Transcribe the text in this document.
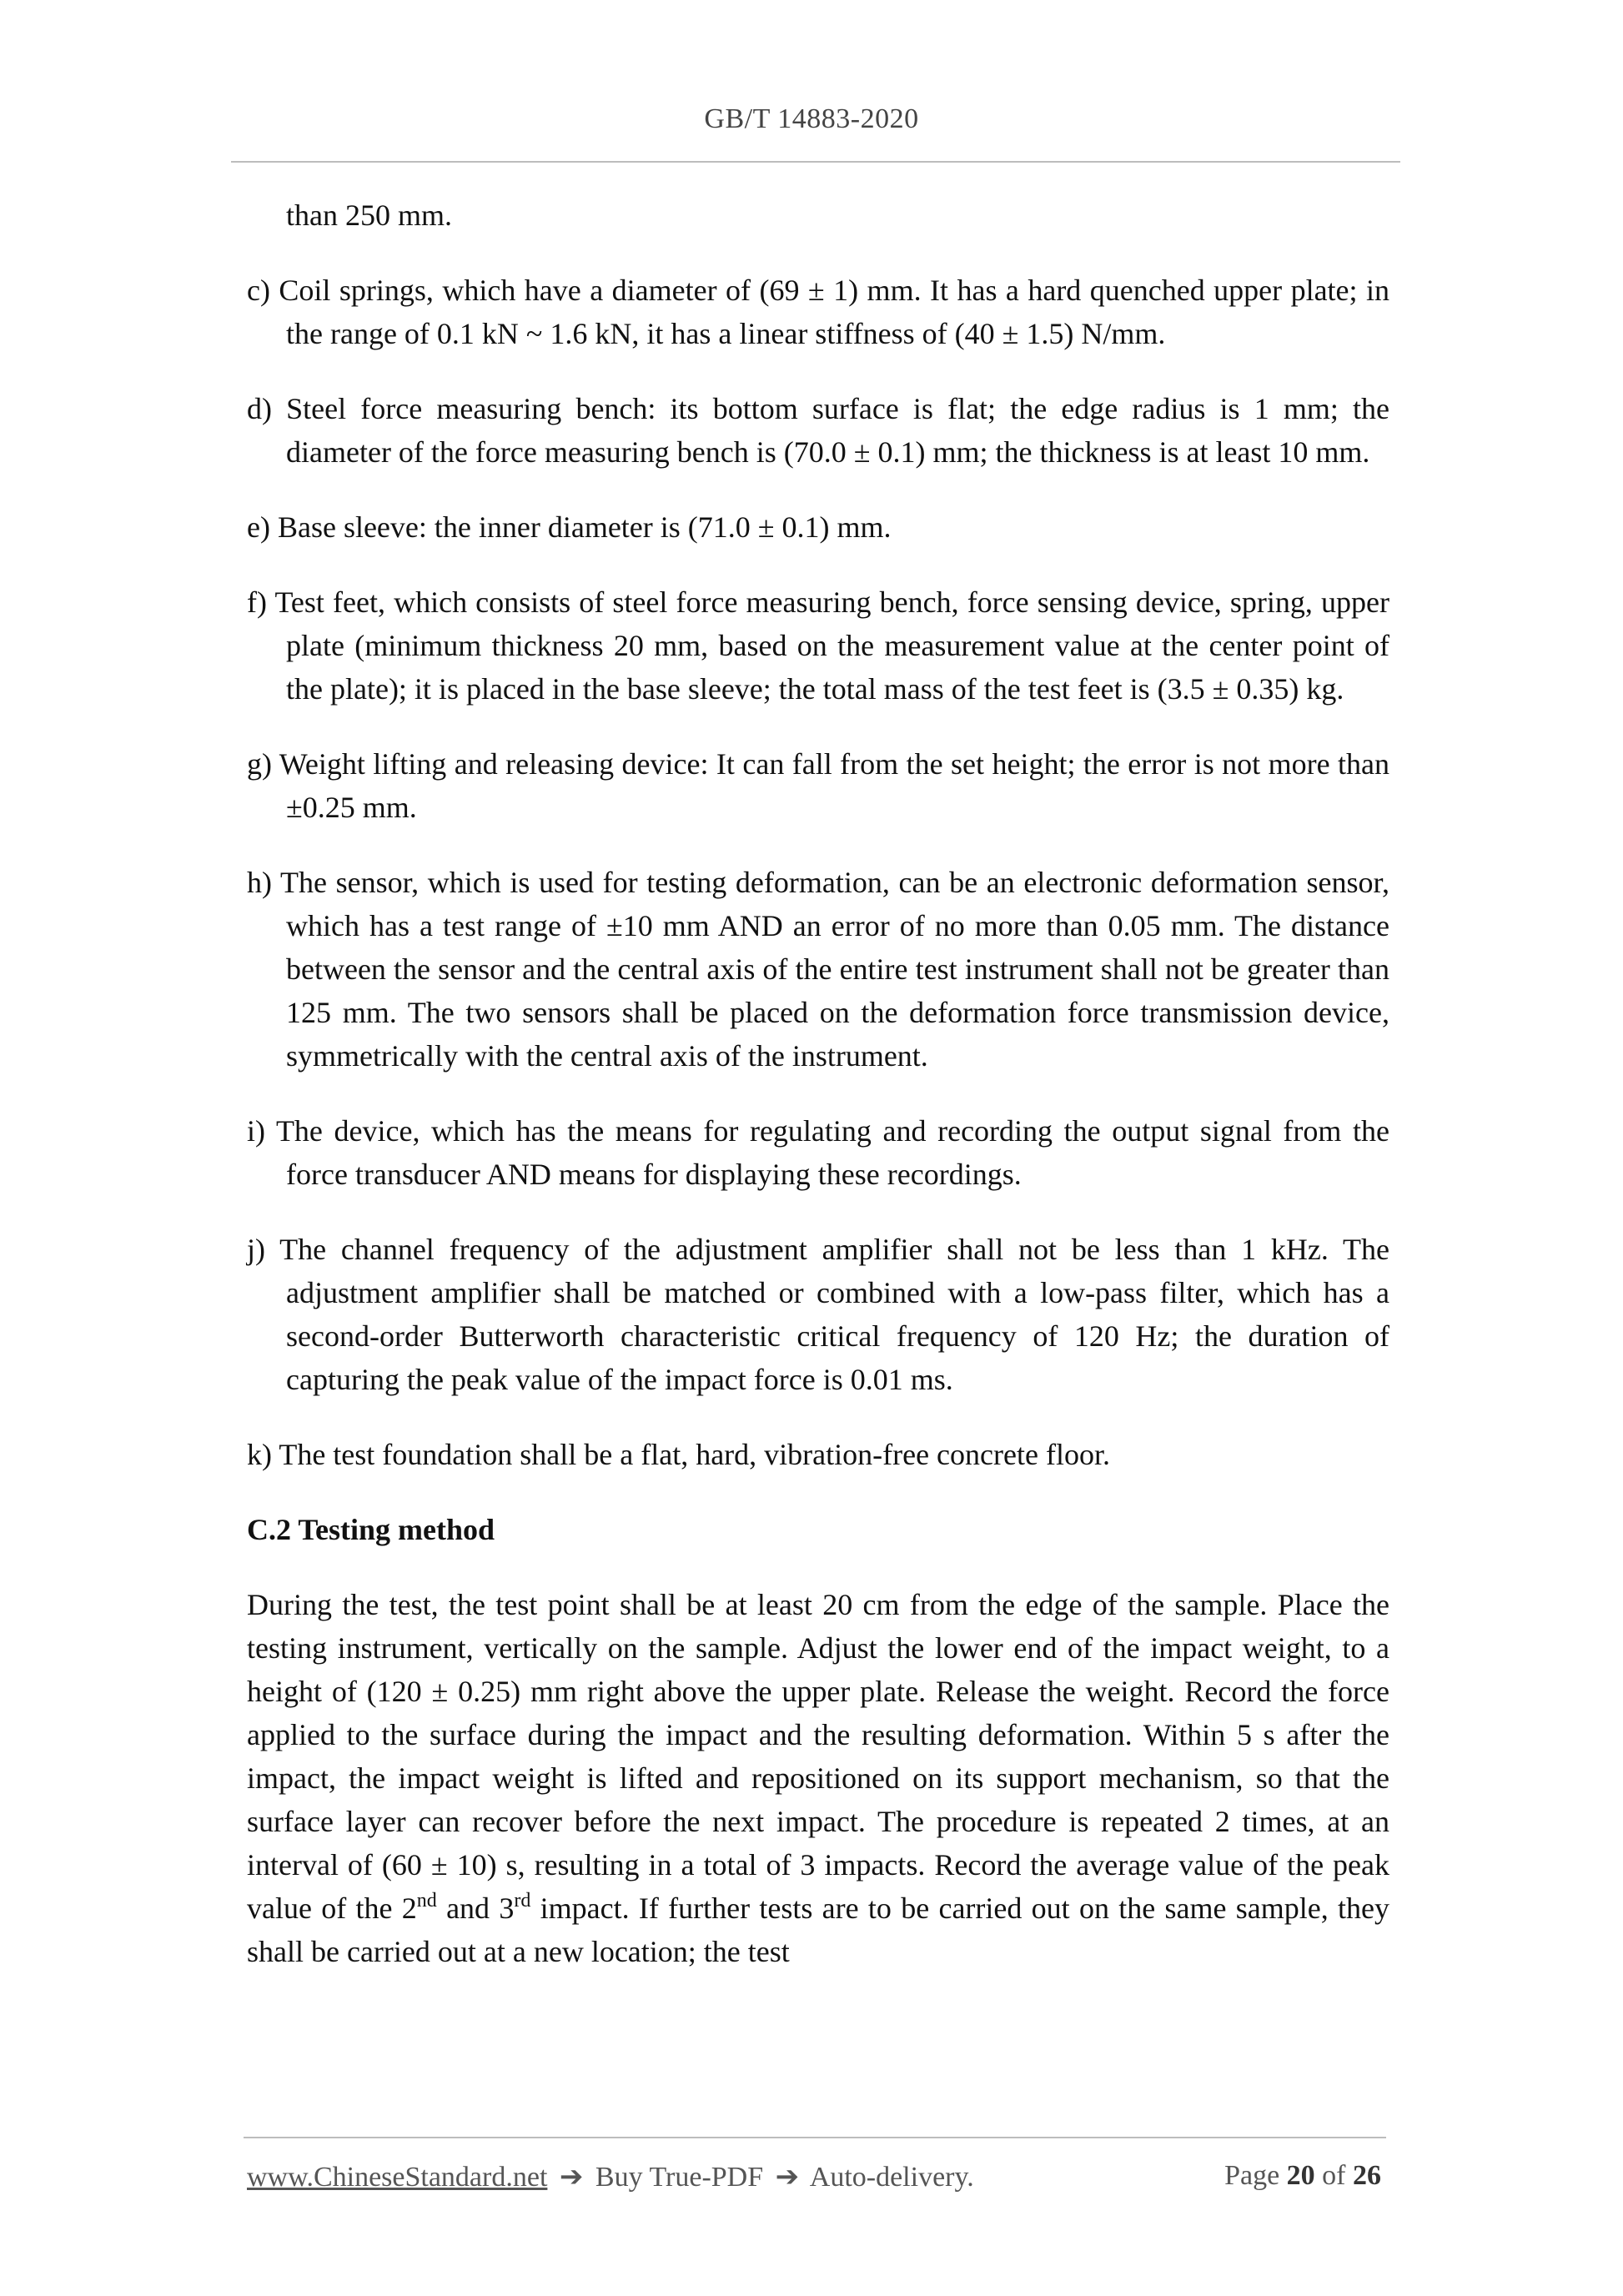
GB/T 14883-2020

than 250 mm.

c) Coil springs, which have a diameter of (69 ± 1) mm. It has a hard quenched upper plate; in the range of 0.1 kN ~ 1.6 kN, it has a linear stiffness of (40 ± 1.5) N/mm.

d) Steel force measuring bench: its bottom surface is flat; the edge radius is 1 mm; the diameter of the force measuring bench is (70.0 ± 0.1) mm; the thickness is at least 10 mm.

e) Base sleeve: the inner diameter is (71.0 ± 0.1) mm.

f) Test feet, which consists of steel force measuring bench, force sensing device, spring, upper plate (minimum thickness 20 mm, based on the measurement value at the center point of the plate); it is placed in the base sleeve; the total mass of the test feet is (3.5 ± 0.35) kg.

g) Weight lifting and releasing device: It can fall from the set height; the error is not more than ±0.25 mm.

h) The sensor, which is used for testing deformation, can be an electronic deformation sensor, which has a test range of ±10 mm AND an error of no more than 0.05 mm. The distance between the sensor and the central axis of the entire test instrument shall not be greater than 125 mm. The two sensors shall be placed on the deformation force transmission device, symmetrically with the central axis of the instrument.

i) The device, which has the means for regulating and recording the output signal from the force transducer AND means for displaying these recordings.

j) The channel frequency of the adjustment amplifier shall not be less than 1 kHz. The adjustment amplifier shall be matched or combined with a low-pass filter, which has a second-order Butterworth characteristic critical frequency of 120 Hz; the duration of capturing the peak value of the impact force is 0.01 ms.

k) The test foundation shall be a flat, hard, vibration-free concrete floor.

C.2 Testing method

During the test, the test point shall be at least 20 cm from the edge of the sample. Place the testing instrument, vertically on the sample. Adjust the lower end of the impact weight, to a height of (120 ± 0.25) mm right above the upper plate. Release the weight. Record the force applied to the surface during the impact and the resulting deformation. Within 5 s after the impact, the impact weight is lifted and repositioned on its support mechanism, so that the surface layer can recover before the next impact. The procedure is repeated 2 times, at an interval of (60 ± 10) s, resulting in a total of 3 impacts. Record the average value of the peak value of the 2nd and 3rd impact. If further tests are to be carried out on the same sample, they shall be carried out at a new location; the test

www.ChineseStandard.net ➔ Buy True-PDF ➔ Auto-delivery.	Page 20 of 26
